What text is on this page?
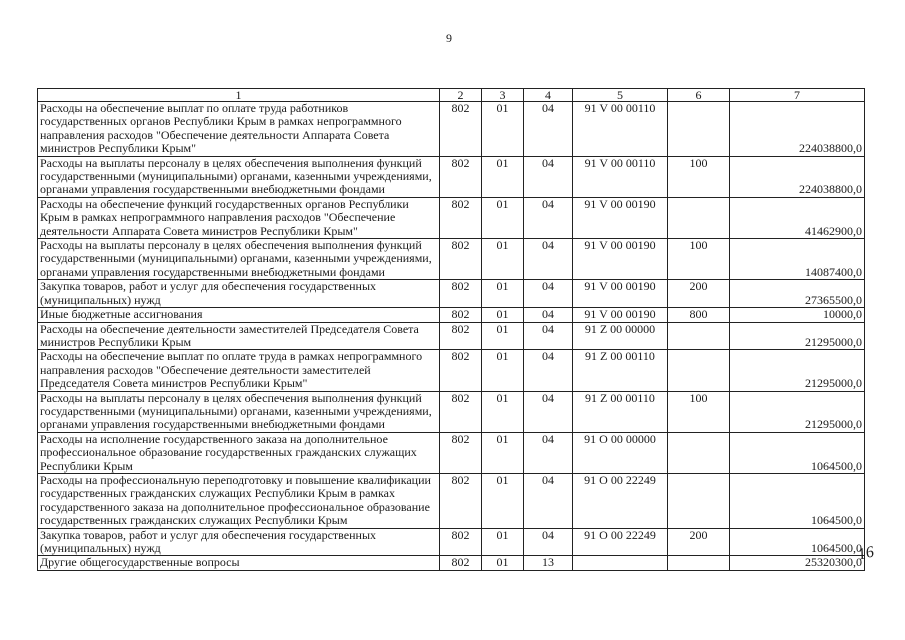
9
1	2	3	4	5	6	7
Расходы на обеспечение выплат по оплате труда работников государственных органов Республики Крым в рамках непрограммного направления расходов "Обеспечение деятельности Аппарата Совета министров Республики Крым"	802	01	04	91 V 00 00110		224038800,0
Расходы на выплаты персоналу в целях обеспечения выполнения функций государственными (муниципальными) органами, казенными учреждениями, органами управления государственными внебюджетными фондами	802	01	04	91 V 00 00110	100	224038800,0
Расходы на обеспечение функций государственных органов Республики Крым в рамках непрограммного направления расходов "Обеспечение деятельности Аппарата Совета министров Республики Крым"	802	01	04	91 V 00 00190		41462900,0
Расходы на выплаты персоналу в целях обеспечения выполнения функций государственными (муниципальными) органами, казенными учреждениями, органами управления государственными внебюджетными фондами	802	01	04	91 V 00 00190	100	14087400,0
Закупка товаров, работ и услуг для обеспечения государственных (муниципальных) нужд	802	01	04	91 V 00 00190	200	27365500,0
Иные бюджетные ассигнования	802	01	04	91 V 00 00190	800	10000,0
Расходы на обеспечение деятельности заместителей Председателя Совета министров Республики Крым	802	01	04	91 Z 00 00000		21295000,0
Расходы на обеспечение выплат по оплате труда в рамках непрограммного направления расходов "Обеспечение деятельности заместителей Председателя Совета министров Республики Крым"	802	01	04	91 Z 00 00110		21295000,0
Расходы на выплаты персоналу в целях обеспечения выполнения функций государственными (муниципальными) органами, казенными учреждениями, органами управления государственными внебюджетными фондами	802	01	04	91 Z 00 00110	100	21295000,0
Расходы на исполнение государственного заказа на дополнительное профессиональное образование государственных гражданских служащих Республики Крым	802	01	04	91 O 00 00000		1064500,0
Расходы на профессиональную переподготовку и повышение квалификации государственных гражданских служащих Республики Крым в рамках государственного заказа на дополнительное профессиональное образование государственных гражданских служащих Республики Крым	802	01	04	91 O 00 22249		1064500,0
Закупка товаров, работ и услуг для обеспечения государственных (муниципальных) нужд	802	01	04	91 O 00 22249	200	1064500,0
Другие общегосударственные вопросы	802	01	13			25320300,0
16
